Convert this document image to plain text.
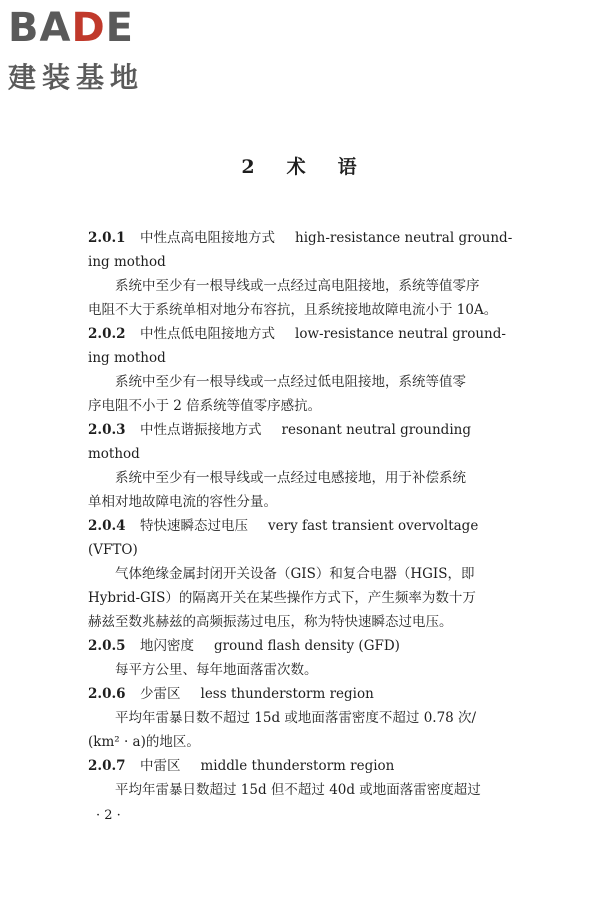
BADE
建装基地
2 术 语
2.0.1 中性点高电阻接地方式 high-resistance neutral ground-
ing mothod
系统中至少有一根导线或一点经过高电阻接地，系统等值零序
电阻不大于系统单相对地分布容抗，且系统接地故障电流小于 10A。
2.0.2 中性点低电阻接地方式 low-resistance neutral ground-
ing mothod
系统中至少有一根导线或一点经过低电阻接地，系统等值零
序电阻不小于 2 倍系统等值零序感抗。
2.0.3 中性点谐振接地方式 resonant neutral grounding
mothod
系统中至少有一根导线或一点经过电感接地，用于补偿系统
单相对地故障电流的容性分量。
2.0.4 特快速瞬态过电压 very fast transient overvoltage
(VFTO)
气体绝缘金属封闭开关设备（GIS）和复合电器（HGIS，即
Hybrid-GIS）的隔离开关在某些操作方式下，产生频率为数十万
赫兹至数兆赫兹的高频振荡过电压，称为特快速瞬态过电压。
2.0.5 地闪密度 ground flash density (GFD)
每平方公里、每年地面落雷次数。
2.0.6 少雷区 less thunderstorm region
平均年雷暴日数不超过 15d 或地面落雷密度不超过 0.78 次/
(km² · a)的地区。
2.0.7 中雷区 middle thunderstorm region
平均年雷暴日数超过 15d 但不超过 40d 或地面落雷密度超过
· 2 ·
